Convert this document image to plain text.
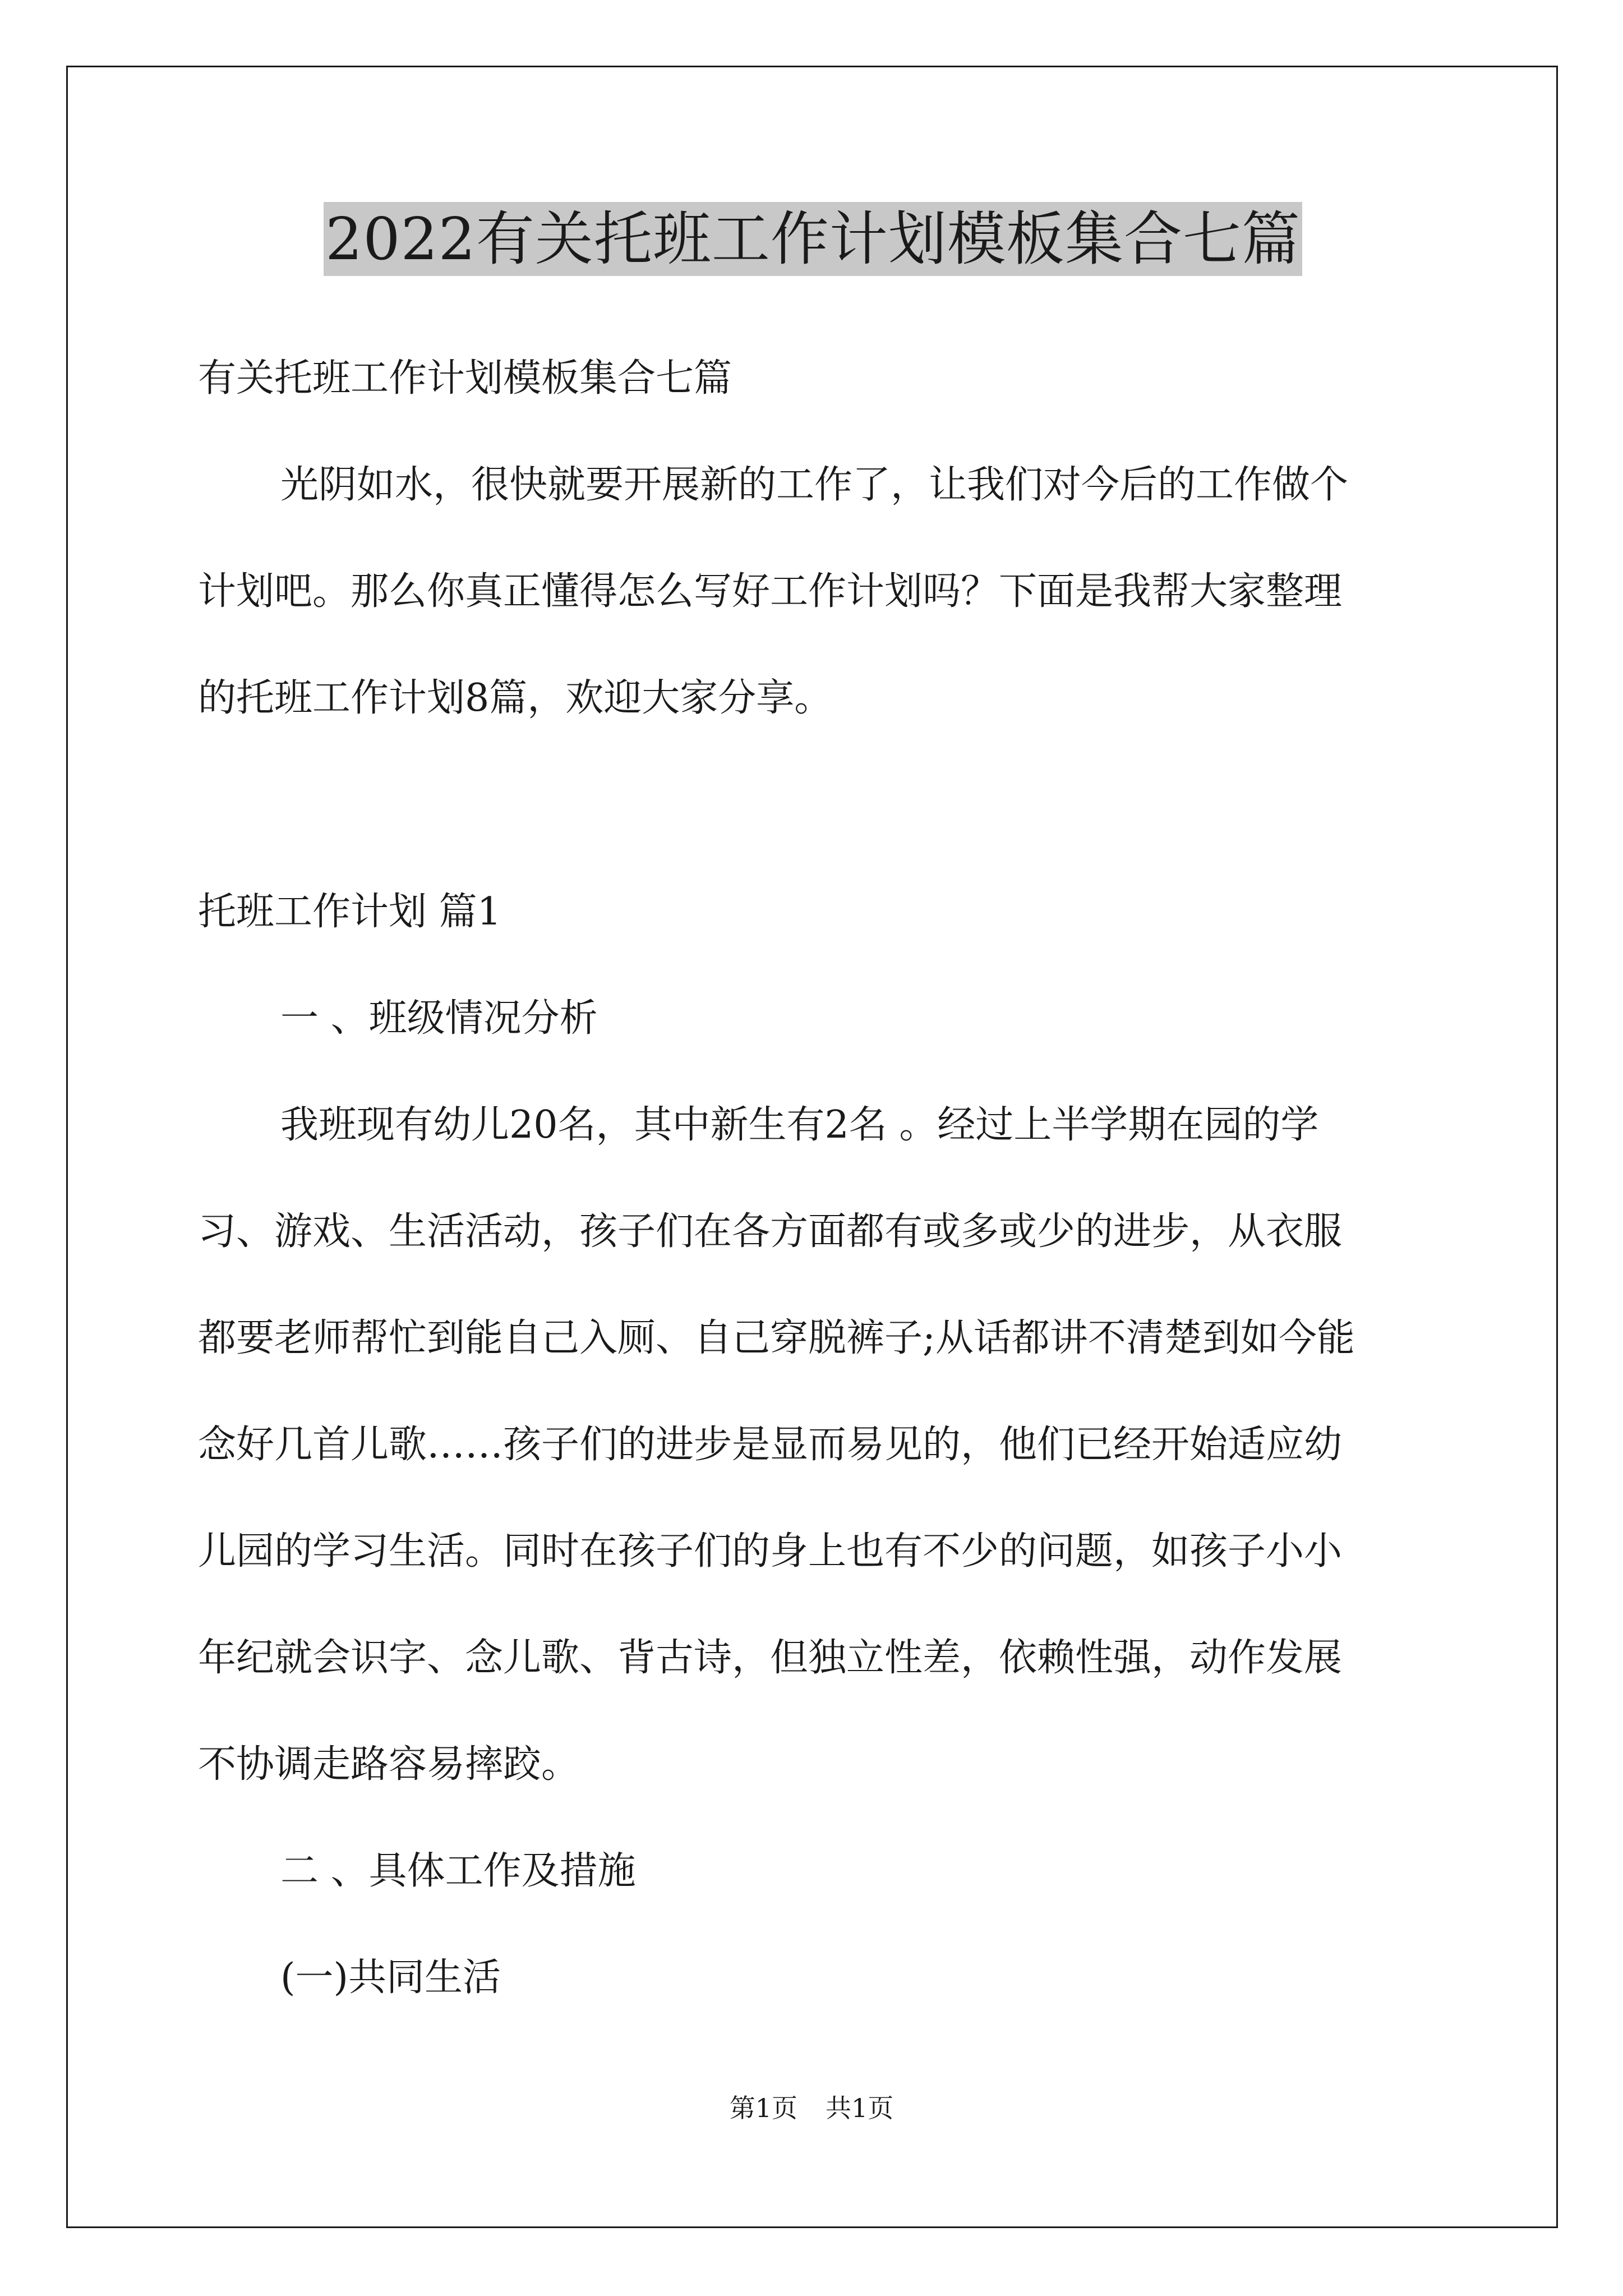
2022有关托班工作计划模板集合七篇
有关托班工作计划模板集合七篇
光阴如水，很快就要开展新的工作了，让我们对今后的工作做个
计划吧。那么你真正懂得怎么写好工作计划吗？下面是我帮大家整理
的托班工作计划8篇，欢迎大家分享。
托班工作计划 篇1
一 、班级情况分析
我班现有幼儿20名，其中新生有2名 。经过上半学期在园的学
习、游戏、生活活动，孩子们在各方面都有或多或少的进步，从衣服
都要老师帮忙到能自己入厕、自己穿脱裤子;从话都讲不清楚到如今能
念好几首儿歌……孩子们的进步是显而易见的，他们已经开始适应幼
儿园的学习生活。同时在孩子们的身上也有不少的问题，如孩子小小
年纪就会识字、念儿歌、背古诗，但独立性差，依赖性强，动作发展
不协调走路容易摔跤。
二 、具体工作及措施
(一)共同生活
第1页 共1页
